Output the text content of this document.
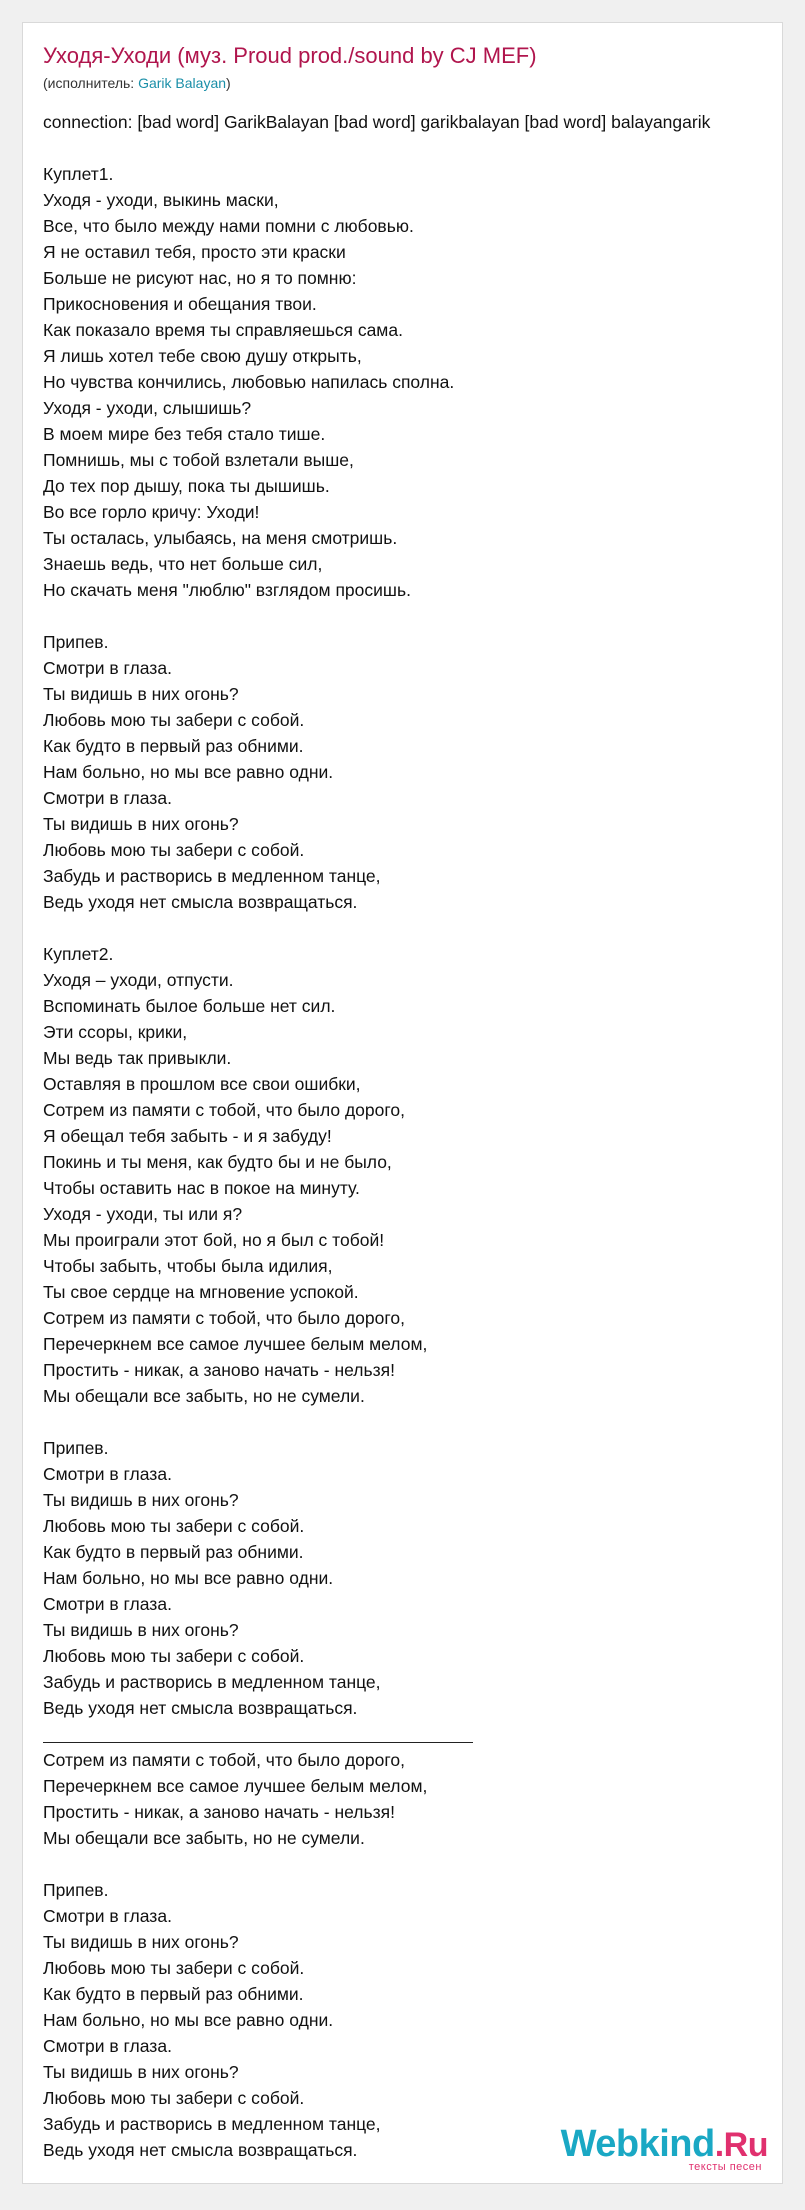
Уходя-Уходи (муз. Proud prod./sound by CJ MEF)
(исполнитель: Garik Balayan)
connection: [bad word] GarikBalayan [bad word] garikbalayan [bad word] balayangarik
Куплет1.
Уходя - уходи, выкинь маски,
Все, что было между нами помни с любовью.
Я не оставил тебя, просто эти краски
Больше не рисуют нас, но я то помню:
Прикосновения и обещания твои.
Как показало время ты справляешься сама.
Я лишь хотел тебе свою душу открыть,
Но чувства кончились, любовью напилась сполна.
Уходя - уходи, слышишь?
В моем мире без тебя стало тише.
Помнишь, мы с тобой взлетали выше,
До тех пор дышу, пока ты дышишь.
Во все горло кричу: Уходи!
Ты осталась, улыбаясь, на меня смотришь.
Знаешь ведь, что нет больше сил,
Но скачать меня "люблю" взглядом просишь.
Припев.
Смотри в глаза.
Ты видишь в них огонь?
Любовь мою ты забери с собой.
Как будто в первый раз обними.
Нам больно, но мы все равно одни.
Смотри в глаза.
Ты видишь в них огонь?
Любовь мою ты забери с собой.
Забудь и растворись в медленном танце,
Ведь уходя нет смысла возвращаться.
Куплет2.
Уходя – уходи, отпусти.
Вспоминать былое больше нет сил.
Эти ссоры, крики,
Мы ведь так привыкли.
Оставляя в прошлом все свои ошибки,
Сотрем из памяти с тобой, что было дорого,
Я обещал тебя забыть - и я забуду!
Покинь и ты меня, как будто бы и не было,
Чтобы оставить нас в покое на минуту.
Уходя - уходи, ты или я?
Мы проиграли этот бой, но я был с тобой!
Чтобы забыть, чтобы была идилия,
Ты свое сердце на мгновение успокой.
Сотрем из памяти с тобой, что было дорого,
Перечеркнем все самое лучшее белым мелом,
Простить - никак, а заново начать - нельзя!
Мы обещали все забыть, но не сумели.
Припев.
Смотри в глаза.
Ты видишь в них огонь?
Любовь мою ты забери с собой.
Как будто в первый раз обними.
Нам больно, но мы все равно одни.
Смотри в глаза.
Ты видишь в них огонь?
Любовь мою ты забери с собой.
Забудь и растворись в медленном танце,
Ведь уходя нет смысла возвращаться.
Сотрем из памяти с тобой, что было дорого,
Перечеркнем все самое лучшее белым мелом,
Простить - никак, а заново начать - нельзя!
Мы обещали все забыть, но не сумели.
Припев.
Смотри в глаза.
Ты видишь в них огонь?
Любовь мою ты забери с собой.
Как будто в первый раз обними.
Нам больно, но мы все равно одни.
Смотри в глаза.
Ты видишь в них огонь?
Любовь мою ты забери с собой.
Забудь и растворись в медленном танце,
Ведь уходя нет смысла возвращаться.	Webkind.Ru
тексты песен
